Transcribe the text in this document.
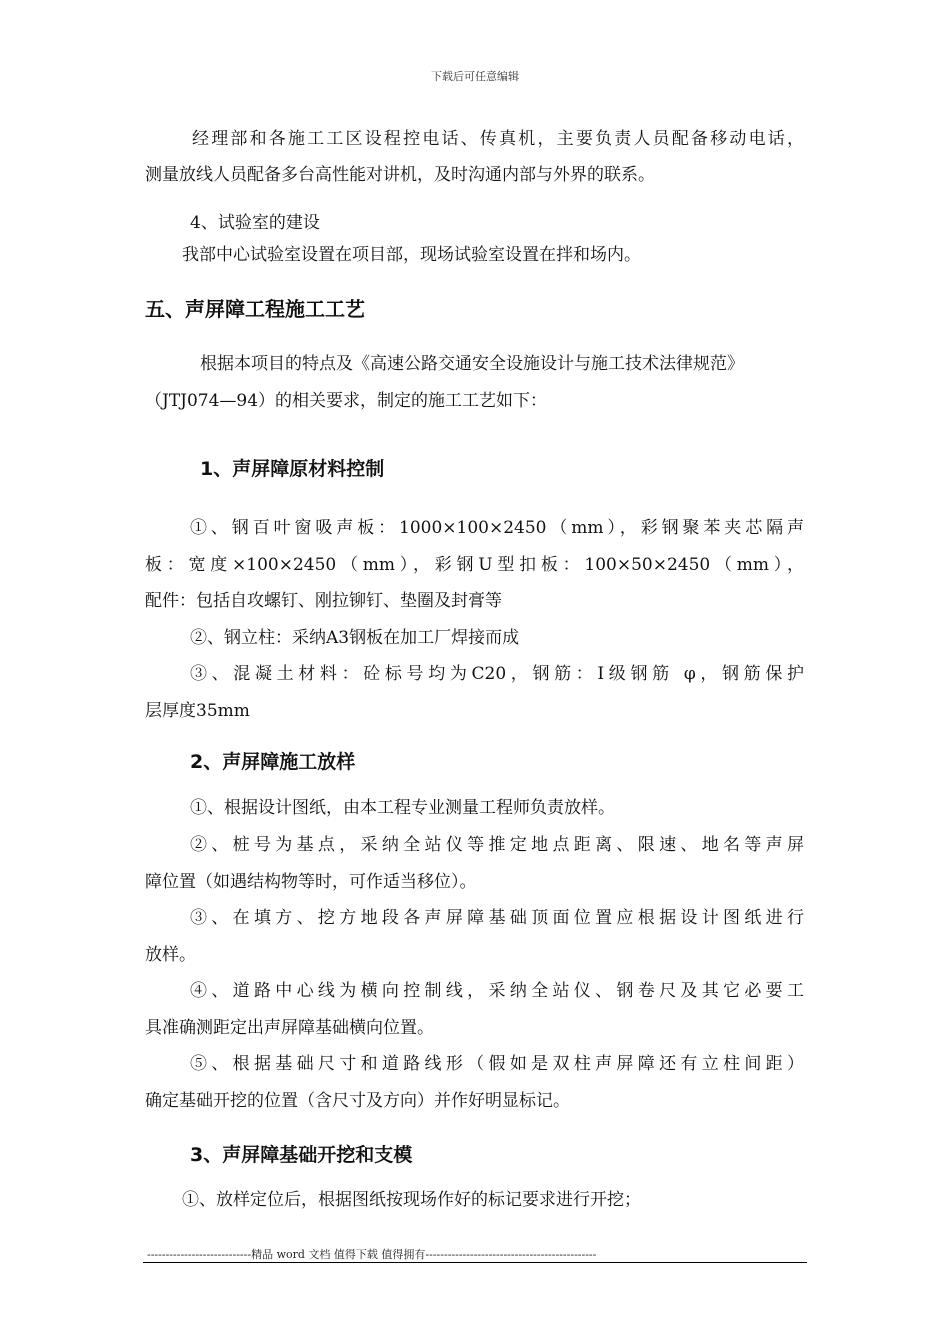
下载后可任意编辑
经理部和各施工工区设程控电话、传真机，主要负责人员配备移动电话，
测量放线人员配备多台高性能对讲机，及时沟通内部与外界的联系。
4、试验室的建设
我部中心试验室设置在项目部，现场试验室设置在拌和场内。
五、声屏障工程施工工艺
根据本项目的特点及《高速公路交通安全设施设计与施工技术法律规范》
（JTJ074—94）的相关要求，制定的施工工艺如下：
1、声屏障原材料控制
①、钢百叶窗吸声板：1000×100×2450（mm），彩钢聚苯夹芯隔声
板：宽度×100×2450（mm），彩钢U型扣板：100×50×2450（mm），
配件：包括自攻螺钉、刚拉铆钉、垫圈及封膏等
②、钢立柱：采纳A3钢板在加工厂焊接而成
③、混凝土材料：砼标号均为C20，钢筋：Ⅰ级钢筋 φ，钢筋保护
层厚度35mm
2、声屏障施工放样
①、根据设计图纸，由本工程专业测量工程师负责放样。
②、桩号为基点，采纳全站仪等推定地点距离、限速、地名等声屏
障位置（如遇结构物等时，可作适当移位）。
③、在填方、挖方地段各声屏障基础顶面位置应根据设计图纸进行
放样。
④、道路中心线为横向控制线，采纳全站仪、钢卷尺及其它必要工
具准确测距定出声屏障基础横向位置。
⑤、根据基础尺寸和道路线形（假如是双柱声屏障还有立柱间距）
确定基础开挖的位置（含尺寸及方向）并作好明显标记。
3、声屏障基础开挖和支模
①、放样定位后，根据图纸按现场作好的标记要求进行开挖；
----------------------------精品 word 文档 值得下载 值得拥有----------------------------------------------
